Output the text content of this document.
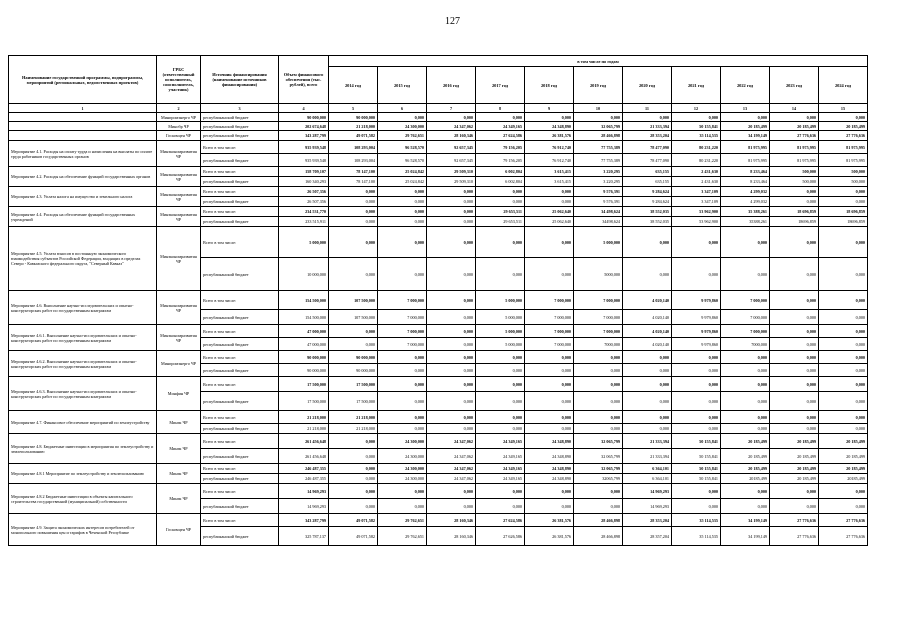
127
Наименование государственной программы, подпрограммы, мероприятий (региональных, ведомственных проектов)	ГРБС (ответственный исполнитель, соисполнитель, участник)	Источник финансирования (наименование источников финансирования)	Объем финансового обеспечения (тыс. рублей), всего	в том числе по годам										
				2014 год	2015 год	2016 год	2017 год	2018 год	2019 год	2020 год	2021 год	2022 год	2023 год	2024 год
1	2	3	4	5	6	7	8	9	10	11	12	13	14	15
	Минпромэнерго ЧР	республиканский бюджет	90 000,000	90 000,000	0,000	0,000	0,000	0,000	0,000	0,000	0,000	0,000	0,000	0,000
	Минобр ЧР	республиканский бюджет	202 674,648	21 218,000	24 300,000	24 347,062	24 349,165	24 348,890	32 065,799	21 333,394	50 155,841	20 185,499	20 185,499	20 185,499
	Госкомцен ЧР	республиканский бюджет	343 287,799	49 071,582	29 762,651	28 160,346	27 624,586	26 381,576	28 466,898	28 353,204	35 114,535	34 199,149	27 776,636	27 776,636
Мероприятие 4.1. Расходы на оплату труда и начисления на выплаты по оплате труда работников государственных органов	Минэкономразвития ЧР	Всего в том числе:	935 939,548	108 293,004	96 528,570	92 657,345	79 156,205	76 912,740	77 755,389	78 477,090	80 231,220	81 975,995	81 975,995	81 975,995
		республиканский бюджет	935 939,548	108 293,004	96 528,570	92 657,345	79 156,205	76 912,740	77 755,389	78 477,090	80 231,220	81 975,995	81 975,995	81 975,995
Мероприятие 4.2. Расходы на обеспечение функций государственных органов	Минэкономразвития ЧР	Всего в том числе:	158 709,107	78 147,100	25 024,842	29 509,310	6 002,804	3 615,415	3 220,295	635,155	2 431,630	8 233,464	500,000	500,000
		республиканский бюджет	160 340,293	78 147,100	25 024,842	29 509,310	6 002,804	3 615,415	3 220,295	635,155	2 431,630	8 233,464	500,000	500,000
Мероприятие 4.3. Уплата налога на имущество и земельного налога	Минэкономразвития ЧР	Всего в том числе:	26 507,356	0,000	0,000	0,000	0,000	0,000	9 576,391	9 284,624	3 347,109	4 299,032	0,000	0,000
		республиканский бюджет	26 507,356	0,000	0,000	0,000	0,000	0,000	9 576,391	9 284,624	3 347,109	4 299,032	0,000	0,000
Мероприятие 4.4. Расходы на обеспечение функций государственных учреждений	Минэкономразвития ЧР	Всего в том числе:	234 531,770	0,000	0,000	0,000	29 653,511	25 062,640	34 498,624	38 552,035	53 962,900	35 388,261	18 696,859	18 696,859
		республиканский бюджет	233 515,911	0,000	0,000	0,000	29 653,511	25 062,640	34498,624	38 552,035	53 962,900	35388,261	18696,859	18696,859
Мероприятие 4.5. Уплата взносов в постоянную экономического взаимодействия субъектов Российской Федерации, входящих в пределах Северо - Кавказского федерального округа, "Северный Кавказ"	Минэкономразвития ЧР	Всего в том числе:	5 000,000	0,000	0,000	0,000	0,000	0,000	5 000,000	0,000	0,000	0,000	0,000	0,000
		республиканский бюджет	10 000,000	0,000	0,000	0,000	0,000	0,000	5000,000	0,000	0,000	0,000	0,000	0,000
Мероприятие 4.6. Выполнение научно-исследовательских и опытно-конструкторских работ по государственным контрактам	Минэкономразвития ЧР	Всего в том числе:	154 500,000	107 500,000	7 000,000	0,000	5 000,000	7 000,000	7 000,000	4 020,140	9 979,860	7 000,000	0,000	0,000
		республиканский бюджет	154 500,000	107 500,000	7 000,000	0,000	5 000,000	7 000,000	7 000,000	4 020,140	9 979,860	7 000,000	0,000	0,000
Мероприятие 4.6.1. Выполнение научно-исследовательских и опытно-конструкторских работ по государственным контрактам	Минэкономразвития ЧР	Всего в том числе:	47 000,000	0,000	7 000,000	0,000	5 000,000	7 000,000	7 000,000	4 020,140	9 979,860	7 000,000	0,000	0,000
		республиканский бюджет	47 000,000	0,000	7 000,000	0,000	5 000,000	7 000,000	7000,000	4 020,140	9 979,860	7000,000	0,000	0,000
Мероприятие 4.6.2. Выполнение научно-исследовательских и опытно-конструкторских работ по государственным контрактам	Минпромэнерго ЧР	Всего в том числе:	90 000,000	90 000,000	0,000	0,000	0,000	0,000	0,000	0,000	0,000	0,000	0,000	0,000
		республиканский бюджет	90 000,000	90 000,000	0,000	0,000	0,000	0,000	0,000	0,000	0,000	0,000	0,000	0,000
Мероприятие 4.6.3. Выполнение научно-исследовательских и опытно-конструкторских работ по государственным контрактам	Минфин ЧР	Всего в том числе:	17 500,000	17 500,000	0,000	0,000	0,000	0,000	0,000	0,000	0,000	0,000	0,000	0,000
		республиканский бюджет	17 500,000	17 500,000	0,000	0,000	0,000	0,000	0,000	0,000	0,000	0,000	0,000	0,000
Мероприятие 4.7. Финансовое обеспечение мероприятий по землеустройству	Минэк ЧР	Всего в том числе:	21 218,000	21 218,000	0,000	0,000	0,000	0,000	0,000	0,000	0,000	0,000	0,000	0,000
		республиканский бюджет	21 218,000	21 218,000	0,000	0,000	0,000	0,000	0,000	0,000	0,000	0,000	0,000	0,000
Мероприятие 4.8. Бюджетные инвестиции в мероприятия по землеустройству и землепользованию	Минэк ЧР	Всего в том числе:	261 456,648	0,000	24 300,000	24 347,062	24 349,165	24 348,890	32 065,799	21 333,394	50 155,841	20 185,499	20 185,499	20 185,499
		республиканский бюджет	261 456,648	0,000	24 300,000	24 347,062	24 349,165	24 348,890	32 065,799	21 333,394	50 155,841	20 185,499	20 185,499	20 185,499
Мероприятие 4.8.1 Мероприятие по землеустройству и землепользованию	Минэк ЧР	Всего в том числе:	246 487,355	0,000	24 300,000	24 347,062	24 349,165	24 348,890	32 065,799	6 364,101	50 155,841	20 185,499	20 185,499	20 185,499
		республиканский бюджет	246 487,355	0,000	24 300,000	24 347,062	24 349,165	24 348,890	32065,799	6 364,101	50 155,841	20185,499	20 185,499	20185,499
Мероприятие 4.8.2 Бюджетные инвестиции в объекты капитального строительства государственной (муниципальной) собственности	Минэк ЧР	Всего в том числе:	14 969,293	0,000	0,000	0,000	0,000	0,000	0,000	14 969,293	0,000	0,000	0,000	0,000
		республиканский бюджет	14 969,293	0,000	0,000	0,000	0,000	0,000	0,000	14 969,293	0,000	0,000	0,000	0,000
Мероприятие 4.9. Защита экономических интересов потребителей от монопольного повышения цен и тарифов в Чеченской Республике	Госкомцен ЧР	Всего в том числе:	343 287,799	49 071,582	29 762,651	28 160,346	27 624,586	26 381,576	28 466,898	28 353,204	35 114,535	34 199,149	27 776,636	27 776,636
		республиканский бюджет	325 787,137	49 071,582	29 762,651	28 160,346	27 626,586	26 381,576	28 466,898	28 357,204	35 114,535	34 199,149	27 776,636	27 776,636
